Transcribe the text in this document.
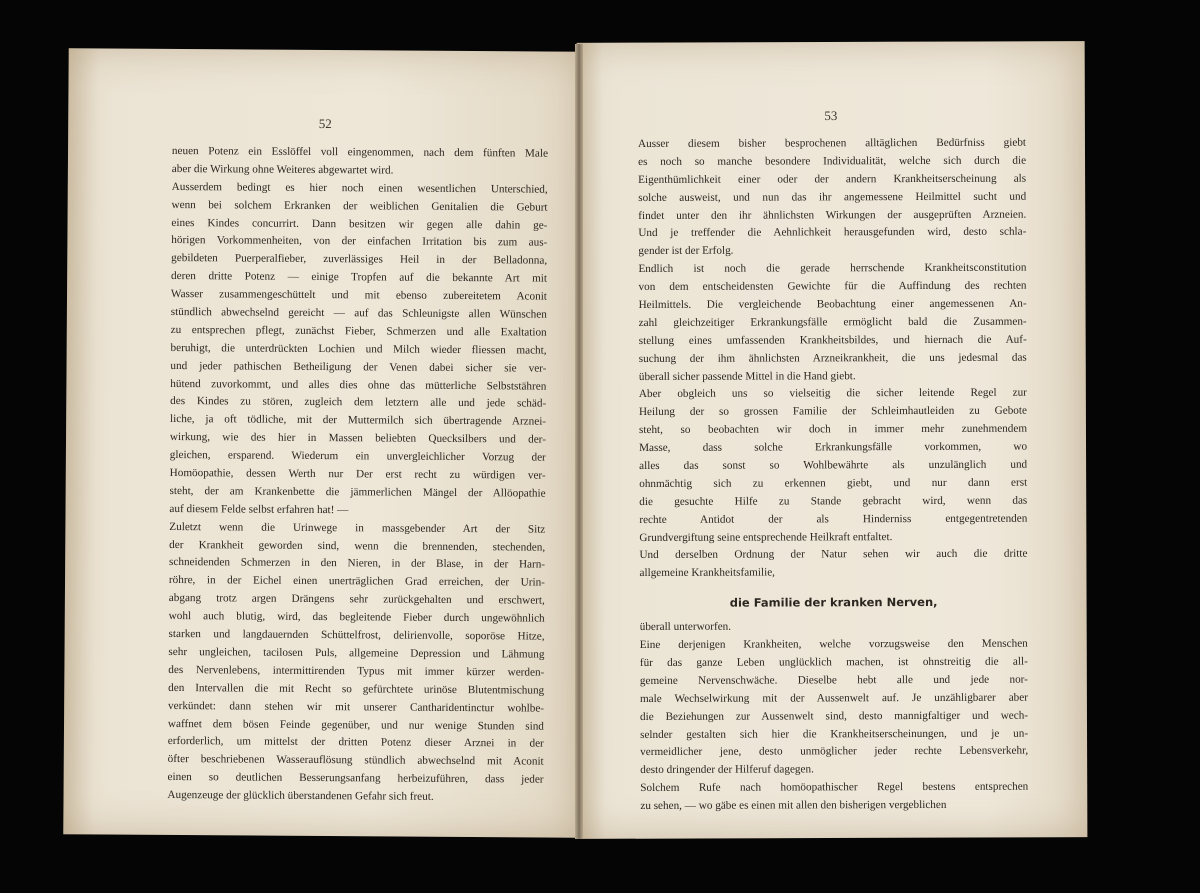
52
53
neuen Potenz ein Esslöffel voll eingenommen, nach dem fünften Male
aber die Wirkung ohne Weiteres abgewartet wird.
Ausserdem bedingt es hier noch einen wesentlichen Unterschied,
wenn bei solchem Erkranken der weiblichen Genitalien die Geburt
eines Kindes concurrirt. Dann besitzen wir gegen alle dahin ge-
hörigen Vorkommenheiten, von der einfachen Irritation bis zum aus-
gebildeten Puerperalfieber, zuverlässiges Heil in der Belladonna,
deren dritte Potenz — einige Tropfen auf die bekannte Art mit
Wasser zusammengeschüttelt und mit ebenso zubereitetem Aconit
stündlich abwechselnd gereicht — auf das Schleunigste allen Wünschen
zu entsprechen pflegt, zunächst Fieber, Schmerzen und alle Exaltation
beruhigt, die unterdrückten Lochien und Milch wieder fliessen macht,
und jeder pathischen Betheiligung der Venen dabei sicher sie ver-
hütend zuvorkommt, und alles dies ohne das mütterliche Selbststähren
des Kindes zu stören, zugleich dem letztern alle und jede schäd-
liche, ja oft tödliche, mit der Muttermilch sich übertragende Arznei-
wirkung, wie des hier in Massen beliebten Quecksilbers und der-
gleichen, ersparend. Wiederum ein unvergleichlicher Vorzug der
Homöopathie, dessen Werth nur Der erst recht zu würdigen ver-
steht, der am Krankenbette die jämmerlichen Mängel der Allöopathie
auf diesem Felde selbst erfahren hat! —
Zuletzt wenn die Urinwege in massgebender Art der Sitz
der Krankheit geworden sind, wenn die brennenden, stechenden,
schneidenden Schmerzen in den Nieren, in der Blase, in der Harn-
röhre, in der Eichel einen unerträglichen Grad erreichen, der Urin-
abgang trotz argen Drängens sehr zurückgehalten und erschwert,
wohl auch blutig, wird, das begleitende Fieber durch ungewöhnlich
starken und langdauernden Schüttelfrost, delirienvolle, soporöse Hitze,
sehr ungleichen, tacilosen Puls, allgemeine Depression und Lähmung
des Nervenlebens, intermittirenden Typus mit immer kürzer werden-
den Intervallen die mit Recht so gefürchtete urinöse Blutentmischung
verkündet: dann stehen wir mit unserer Cantharidentinctur wohlbe-
waffnet dem bösen Feinde gegenüber, und nur wenige Stunden sind
erforderlich, um mittelst der dritten Potenz dieser Arznei in der
öfter beschriebenen Wasserauflösung stündlich abwechselnd mit Aconit
einen so deutlichen Besserungsanfang herbeizuführen, dass jeder
Augenzeuge der glücklich überstandenen Gefahr sich freut.
Ausser diesem bisher besprochenen alltäglichen Bedürfniss giebt
es noch so manche besondere Individualität, welche sich durch die
Eigenthümlichkeit einer oder der andern Krankheitserscheinung als
solche ausweist, und nun das ihr angemessene Heilmittel sucht und
findet unter den ihr ähnlichsten Wirkungen der ausgeprüften Arzneien.
Und je treffender die Aehnlichkeit herausgefunden wird, desto schla-
gender ist der Erfolg.
Endlich ist noch die gerade herrschende Krankheitsconstitution
von dem entscheidensten Gewichte für die Auffindung des rechten
Heilmittels. Die vergleichende Beobachtung einer angemessenen An-
zahl gleichzeitiger Erkrankungsfälle ermöglicht bald die Zusammen-
stellung eines umfassenden Krankheitsbildes, und hiernach die Auf-
suchung der ihm ähnlichsten Arzneikrankheit, die uns jedesmal das
überall sicher passende Mittel in die Hand giebt.
Aber obgleich uns so vielseitig die sicher leitende Regel zur
Heilung der so grossen Familie der Schleimhautleiden zu Gebote
steht, so beobachten wir doch in immer mehr zunehmendem
Masse, dass solche Erkrankungsfälle vorkommen, wo
alles das sonst so Wohlbewährte als unzulänglich und
ohnmächtig sich zu erkennen giebt, und nur dann erst
die gesuchte Hilfe zu Stande gebracht wird, wenn das
rechte Antidot der als Hinderniss entgegentretenden
Grundvergiftung seine entsprechende Heilkraft entfaltet.
Und derselben Ordnung der Natur sehen wir auch die dritte
allgemeine Krankheitsfamilie,
die Familie der kranken Nerven,
überall unterworfen.
Eine derjenigen Krankheiten, welche vorzugsweise den Menschen
für das ganze Leben unglücklich machen, ist ohnstreitig die all-
gemeine Nervenschwäche. Dieselbe hebt alle und jede nor-
male Wechselwirkung mit der Aussenwelt auf. Je unzähligbarer aber
die Beziehungen zur Aussenwelt sind, desto mannigfaltiger und wech-
selnder gestalten sich hier die Krankheitserscheinungen, und je un-
vermeidlicher jene, desto unmöglicher jeder rechte Lebensverkehr,
desto dringender der Hilferuf dagegen.
Solchem Rufe nach homöopathischer Regel bestens entsprechen
zu sehen, — wo gäbe es einen mit allen den bisherigen vergeblichen
